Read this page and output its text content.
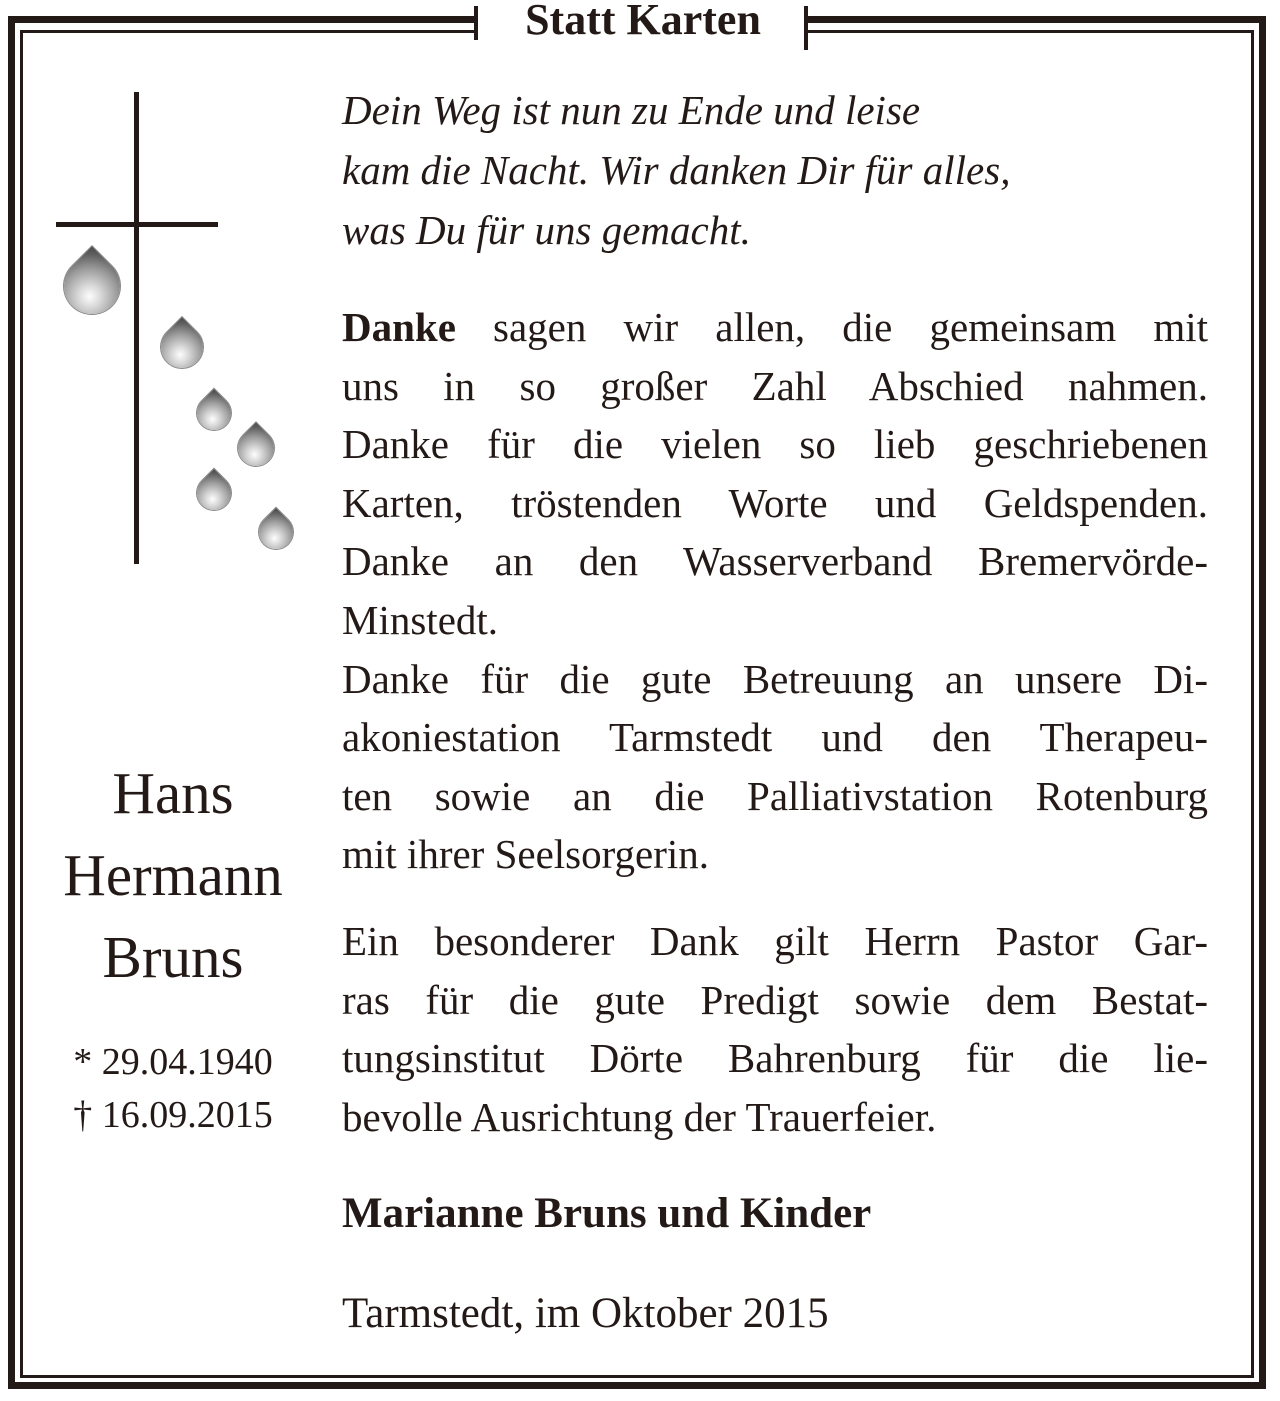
Statt Karten

Hans

Hermann

Bruns

* 29.04.1940
† 16.09.2015
Dein Weg ist nun zu Ende und leise
kam die Nacht. Wir danken Dir für alles,
was Du für uns gemacht.
Danke sagen wir allen, die gemeinsam mit
uns in so großer Zahl Abschied nahmen.
Danke für die vielen so lieb geschriebenen
Karten, tröstenden Worte und Geldspenden.
Danke an den Wasserverband Bremervörde-
Minstedt.
Danke für die gute Betreuung an unsere Di-
akoniestation Tarmstedt und den Therapeu-
ten sowie an die Palliativstation Rotenburg
mit ihrer Seelsorgerin.
Ein besonderer Dank gilt Herrn Pastor Gar-
ras für die gute Predigt sowie dem Bestat-
tungsinstitut Dörte Bahrenburg für die lie-
bevolle Ausrichtung der Trauerfeier.

Marianne Bruns und Kinder

Tarmstedt, im Oktober 2015
